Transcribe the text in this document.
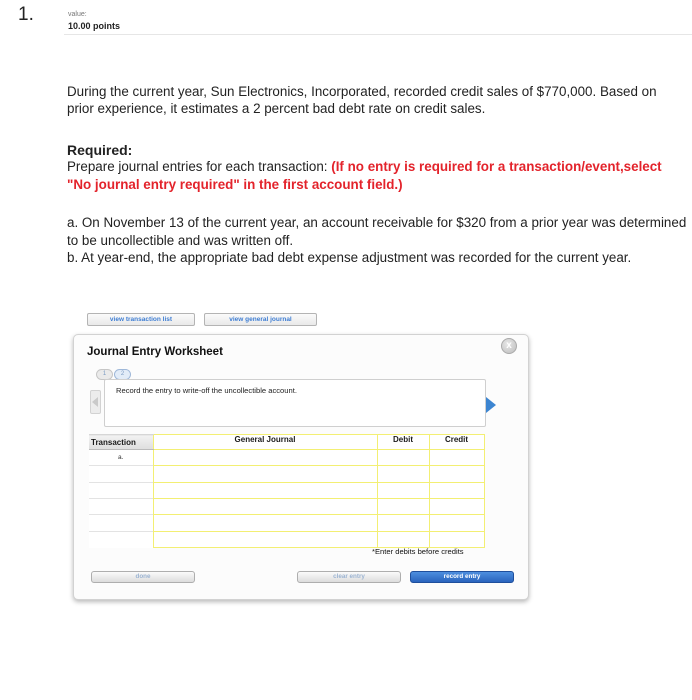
1.	value:
10.00 points
During the current year, Sun Electronics, Incorporated, recorded credit sales of $770,000. Based on prior experience, it estimates a 2 percent bad debt rate on credit sales.
Required:
Prepare journal entries for each transaction: (If no entry is required for a transaction/event,select "No journal entry required" in the first account field.)
a. On November 13 of the current year, an account receivable for $320 from a prior year was determined to be uncollectible and was written off.
b. At year-end, the appropriate bad debt expense adjustment was recorded for the current year.
view transaction list	view general journal
Journal Entry Worksheet
x
1	2
Record the entry to write-off the uncollectible account.
Transaction	General Journal	Debit	Credit
a.			

*Enter debits before credits
done	clear entry	record entry
